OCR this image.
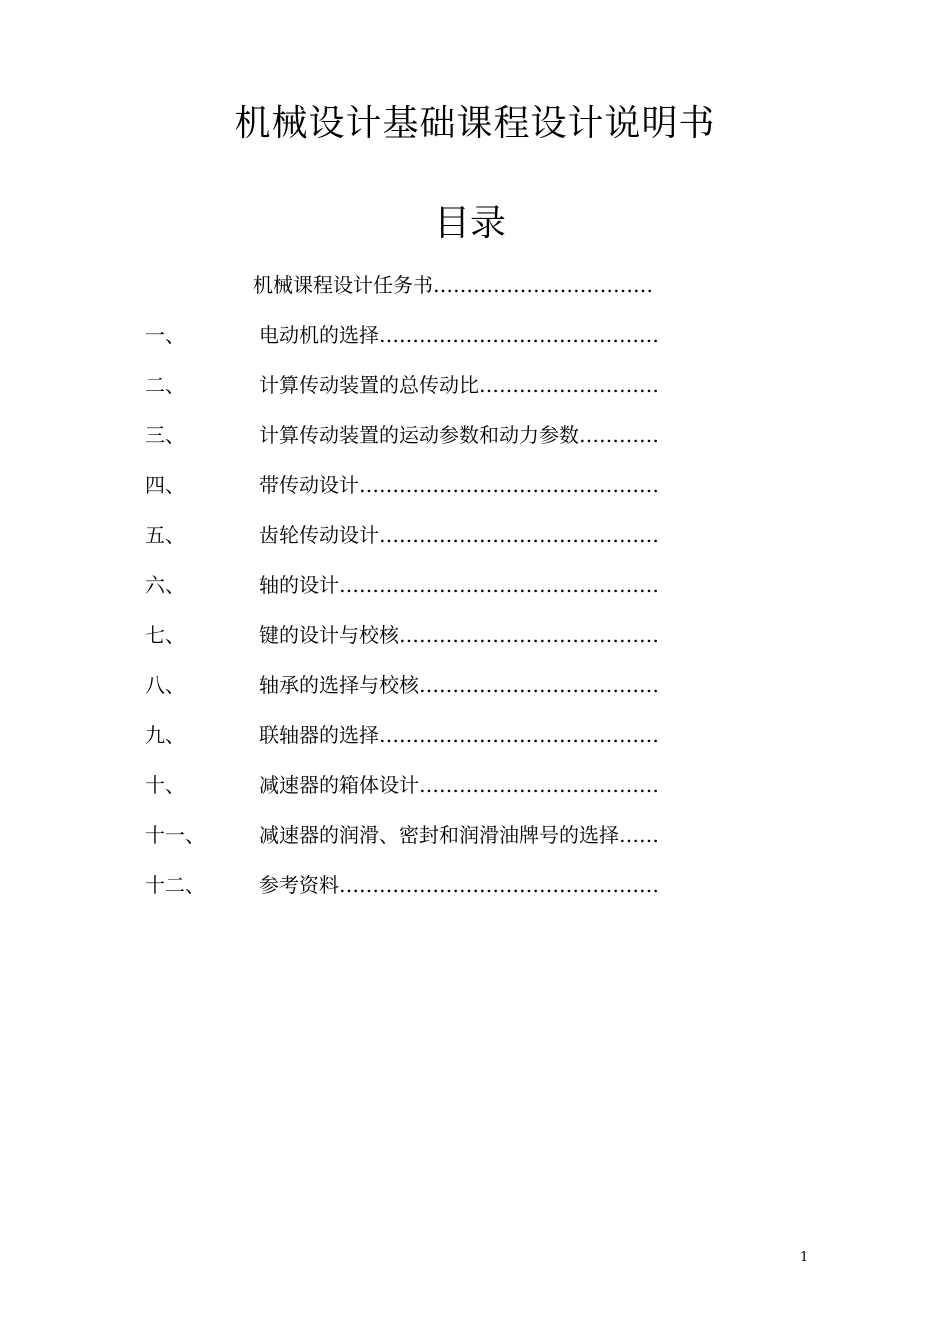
机械设计基础课程设计说明书
目录
机械课程设计任务书……………………………
一、	电动机的选择……………………………………
二、	计算传动装置的总传动比………………………
三、	计算传动装置的运动参数和动力参数…………
四、	带传动设计………………………………………
五、	齿轮传动设计……………………………………
六、	轴的设计…………………………………………
七、	键的设计与校核…………………………………
八、	轴承的选择与校核………………………………
九、	联轴器的选择……………………………………
十、	减速器的箱体设计………………………………
十一、	减速器的润滑、密封和润滑油牌号的选择……
十二、	参考资料…………………………………………
1
